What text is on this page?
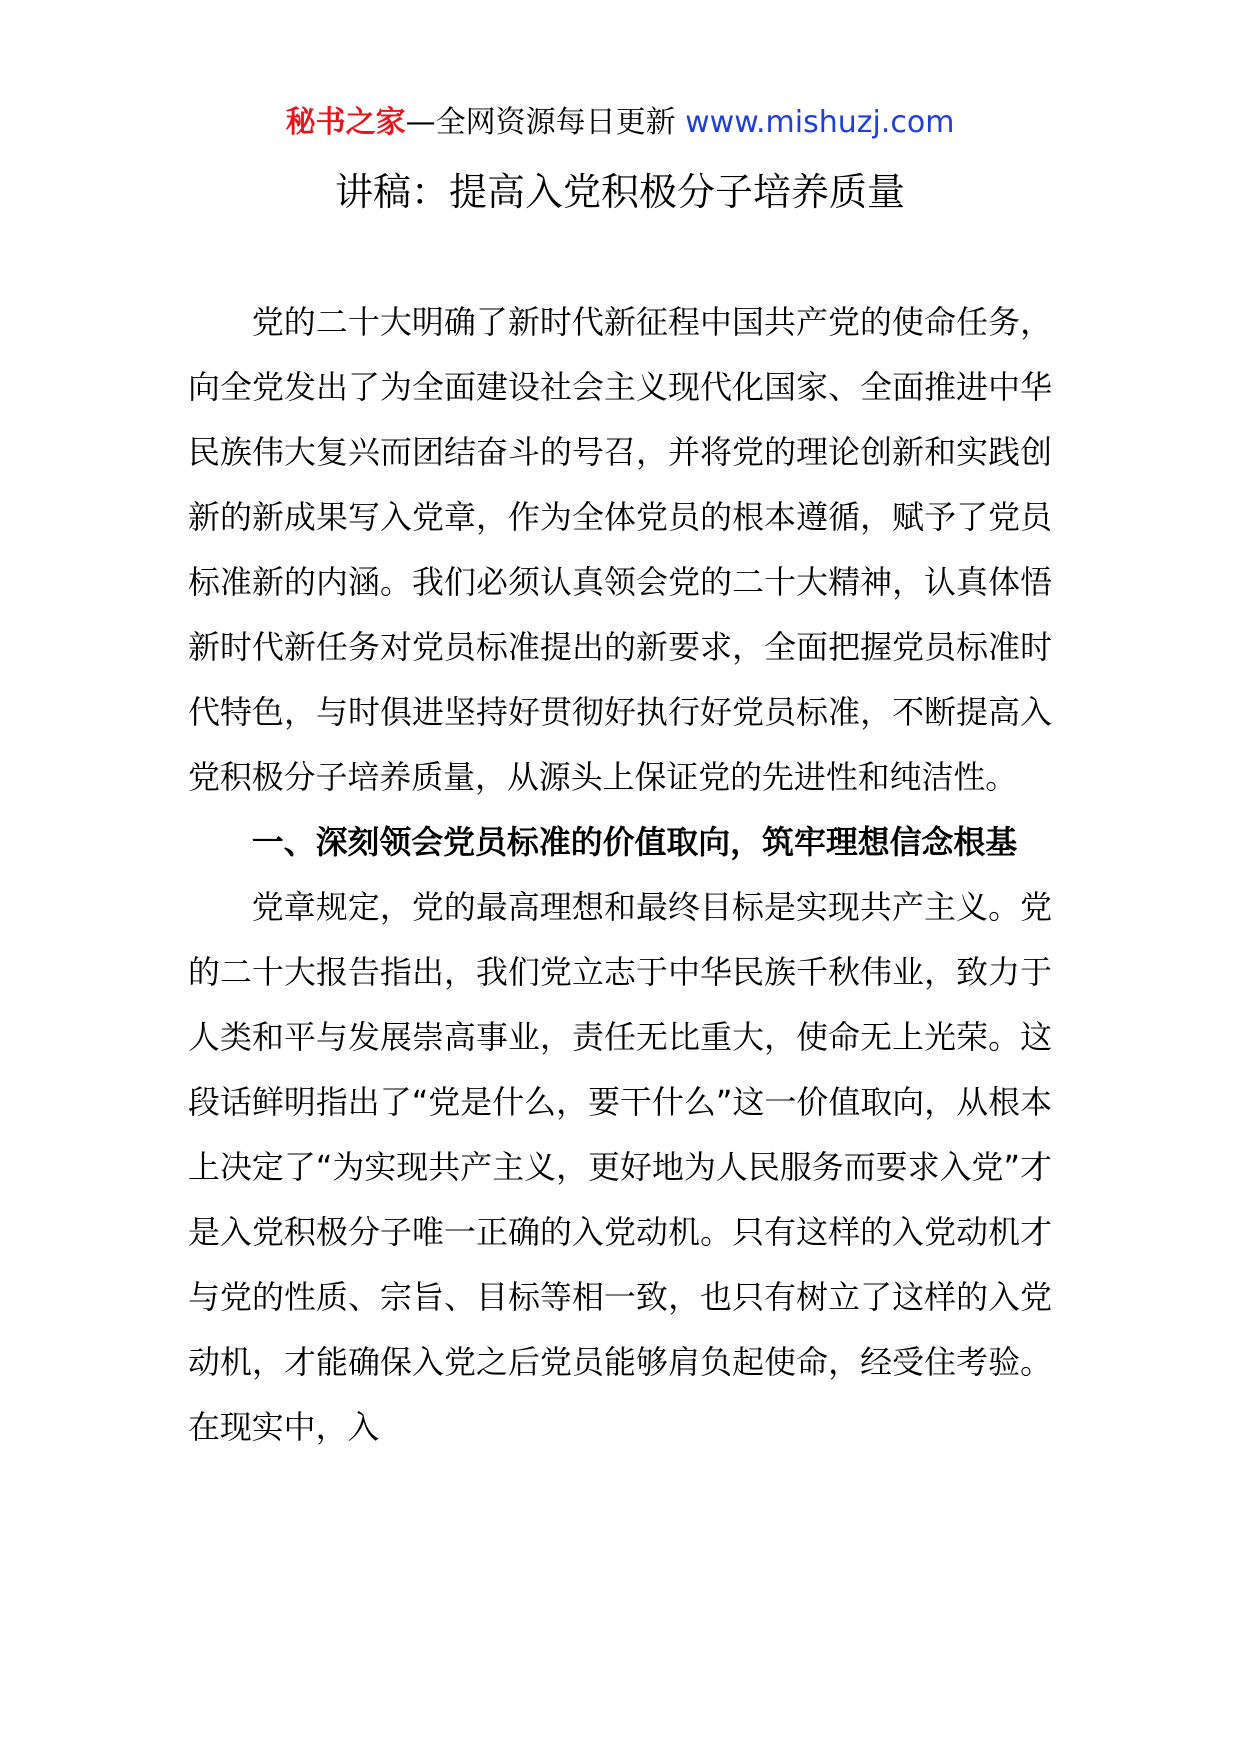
秘书之家—全网资源每日更新 www.mishuzj.com
讲稿：提高入党积极分子培养质量

党的二十大明确了新时代新征程中国共产党的使命任务，向全党发出了为全面建设社会主义现代化国家、全面推进中华民族伟大复兴而团结奋斗的号召，并将党的理论创新和实践创新的新成果写入党章，作为全体党员的根本遵循，赋予了党员标准新的内涵。我们必须认真领会党的二十大精神，认真体悟新时代新任务对党员标准提出的新要求，全面把握党员标准时代特色，与时俱进坚持好贯彻好执行好党员标准，不断提高入党积极分子培养质量，从源头上保证党的先进性和纯洁性。

一、深刻领会党员标准的价值取向，筑牢理想信念根基

党章规定，党的最高理想和最终目标是实现共产主义。党的二十大报告指出，我们党立志于中华民族千秋伟业，致力于人类和平与发展崇高事业，责任无比重大，使命无上光荣。这段话鲜明指出了“党是什么，要干什么”这一价值取向，从根本上决定了“为实现共产主义，更好地为人民服务而要求入党”才是入党积极分子唯一正确的入党动机。只有这样的入党动机才与党的性质、宗旨、目标等相一致，也只有树立了这样的入党动机，才能确保入党之后党员能够肩负起使命，经受住考验。在现实中，入
